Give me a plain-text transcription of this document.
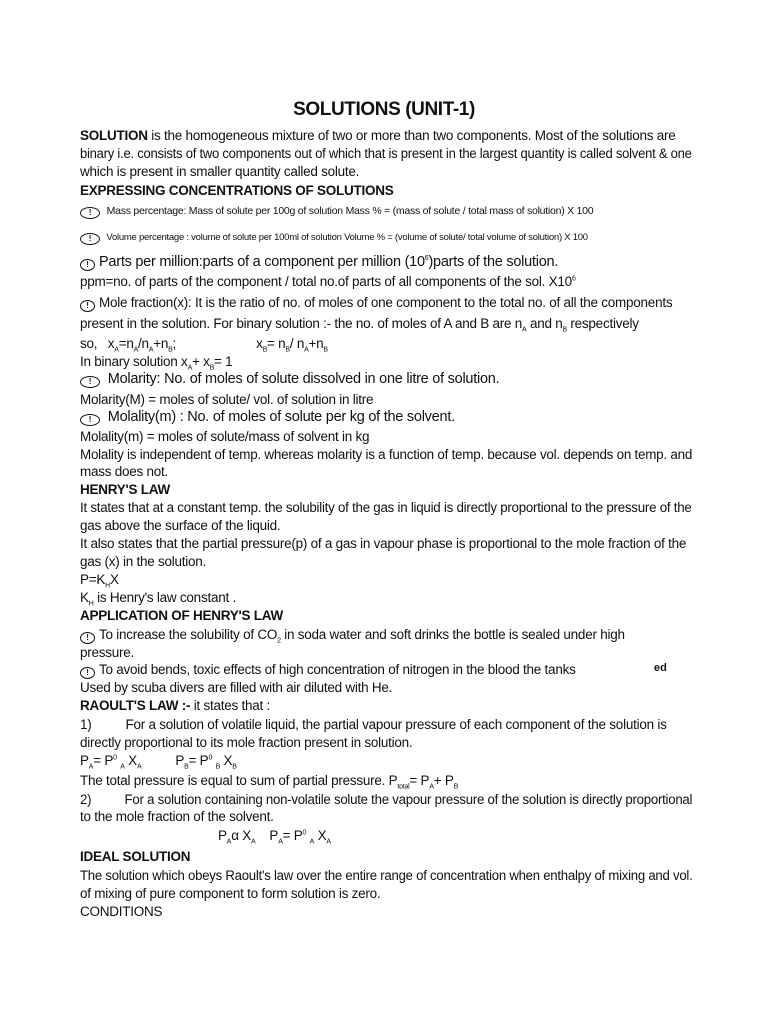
SOLUTIONS (UNIT-1)
SOLUTION is the homogeneous mixture of two or more than two components. Most of the solutions are
binary i.e. consists of two components out of which that is present in the largest quantity is called solvent & one
which is present in smaller quantity called solute.
EXPRESSING CONCENTRATIONS OF SOLUTIONS
! Mass percentage: Mass of solute per 100g of solution Mass % = (mass of solute / total mass of solution) X 100
! Volume percentage : volume of solute per 100ml of solution Volume % = (volume of solute/ total volume of solution) X 100
! Parts per million:parts of a component per million $(10^6)parts$ of the solution.
ppm=no. of parts of the component / total no.of parts of all components of the sol. $X10^6$
! Mole fraction(x): It is the ratio of no. of moles of one component to the total no. of all the components
present in the solution. For binary solution :- the no. of moles of A and B are $n_A$ and $n_B$ respectively
so,   $x_A=n_A/n_A+n_B$;	$x_B= n_B/$ $n_A+n_B$
In binary solution $x_A+ x_B= 1$
! Molarity: No. of moles of solute dissolved in one litre of solution.
Molarity(M) = moles of solute/ vol. of solution in litre
! Molality(m) : No. of moles of solute per kg of the solvent.
Molality(m) = moles of solute/mass of solvent in kg
Molality is independent of temp. whereas molarity is a function of temp. because vol. depends on temp. and
mass does not.
HENRY'S LAW
It states that at a constant temp. the solubility of the gas in liquid is directly proportional to the pressure of the
gas above the surface of the liquid.
It also states that the partial pressure(p) of a gas in vapour phase is proportional to the mole fraction of the
gas (x) in the solution.
$P=K_HX$
$K_H$ is Henry's law constant .
APPLICATION OF HENRY'S LAW
! To increase the solubility of $CO_2$ in soda water and soft drinks the bottle is sealed under high
pressure.
! To avoid bends, toxic effects of high concentration of nitrogen in the blood the tanks	ed
Used by scuba divers are filled with air diluted with He.
RAOULT'S LAW :- it states that :
1)	For a solution of volatile liquid, the partial vapour pressure of each component of the solution is
directly proportional to its mole fraction present in solution.
$P_A= P^0$ $_A$ $X_A$	$P_B= P^0$ $_B$ $X_B$
The total pressure is equal to sum of partial pressure. $P_{total}= P_A+ P_B$
2) For a solution containing non-volatile solute the vapour pressure of the solution is directly proportional
to the mole fraction of the solvent.
$P_A\alpha$ $X_A$    $P_A= P^0$ $_A$ $X_A$
IDEAL SOLUTION
The solution which obeys Raoult's law over the entire range of concentration when enthalpy of mixing and vol.
of mixing of pure component to form solution is zero.
CONDITIONS
